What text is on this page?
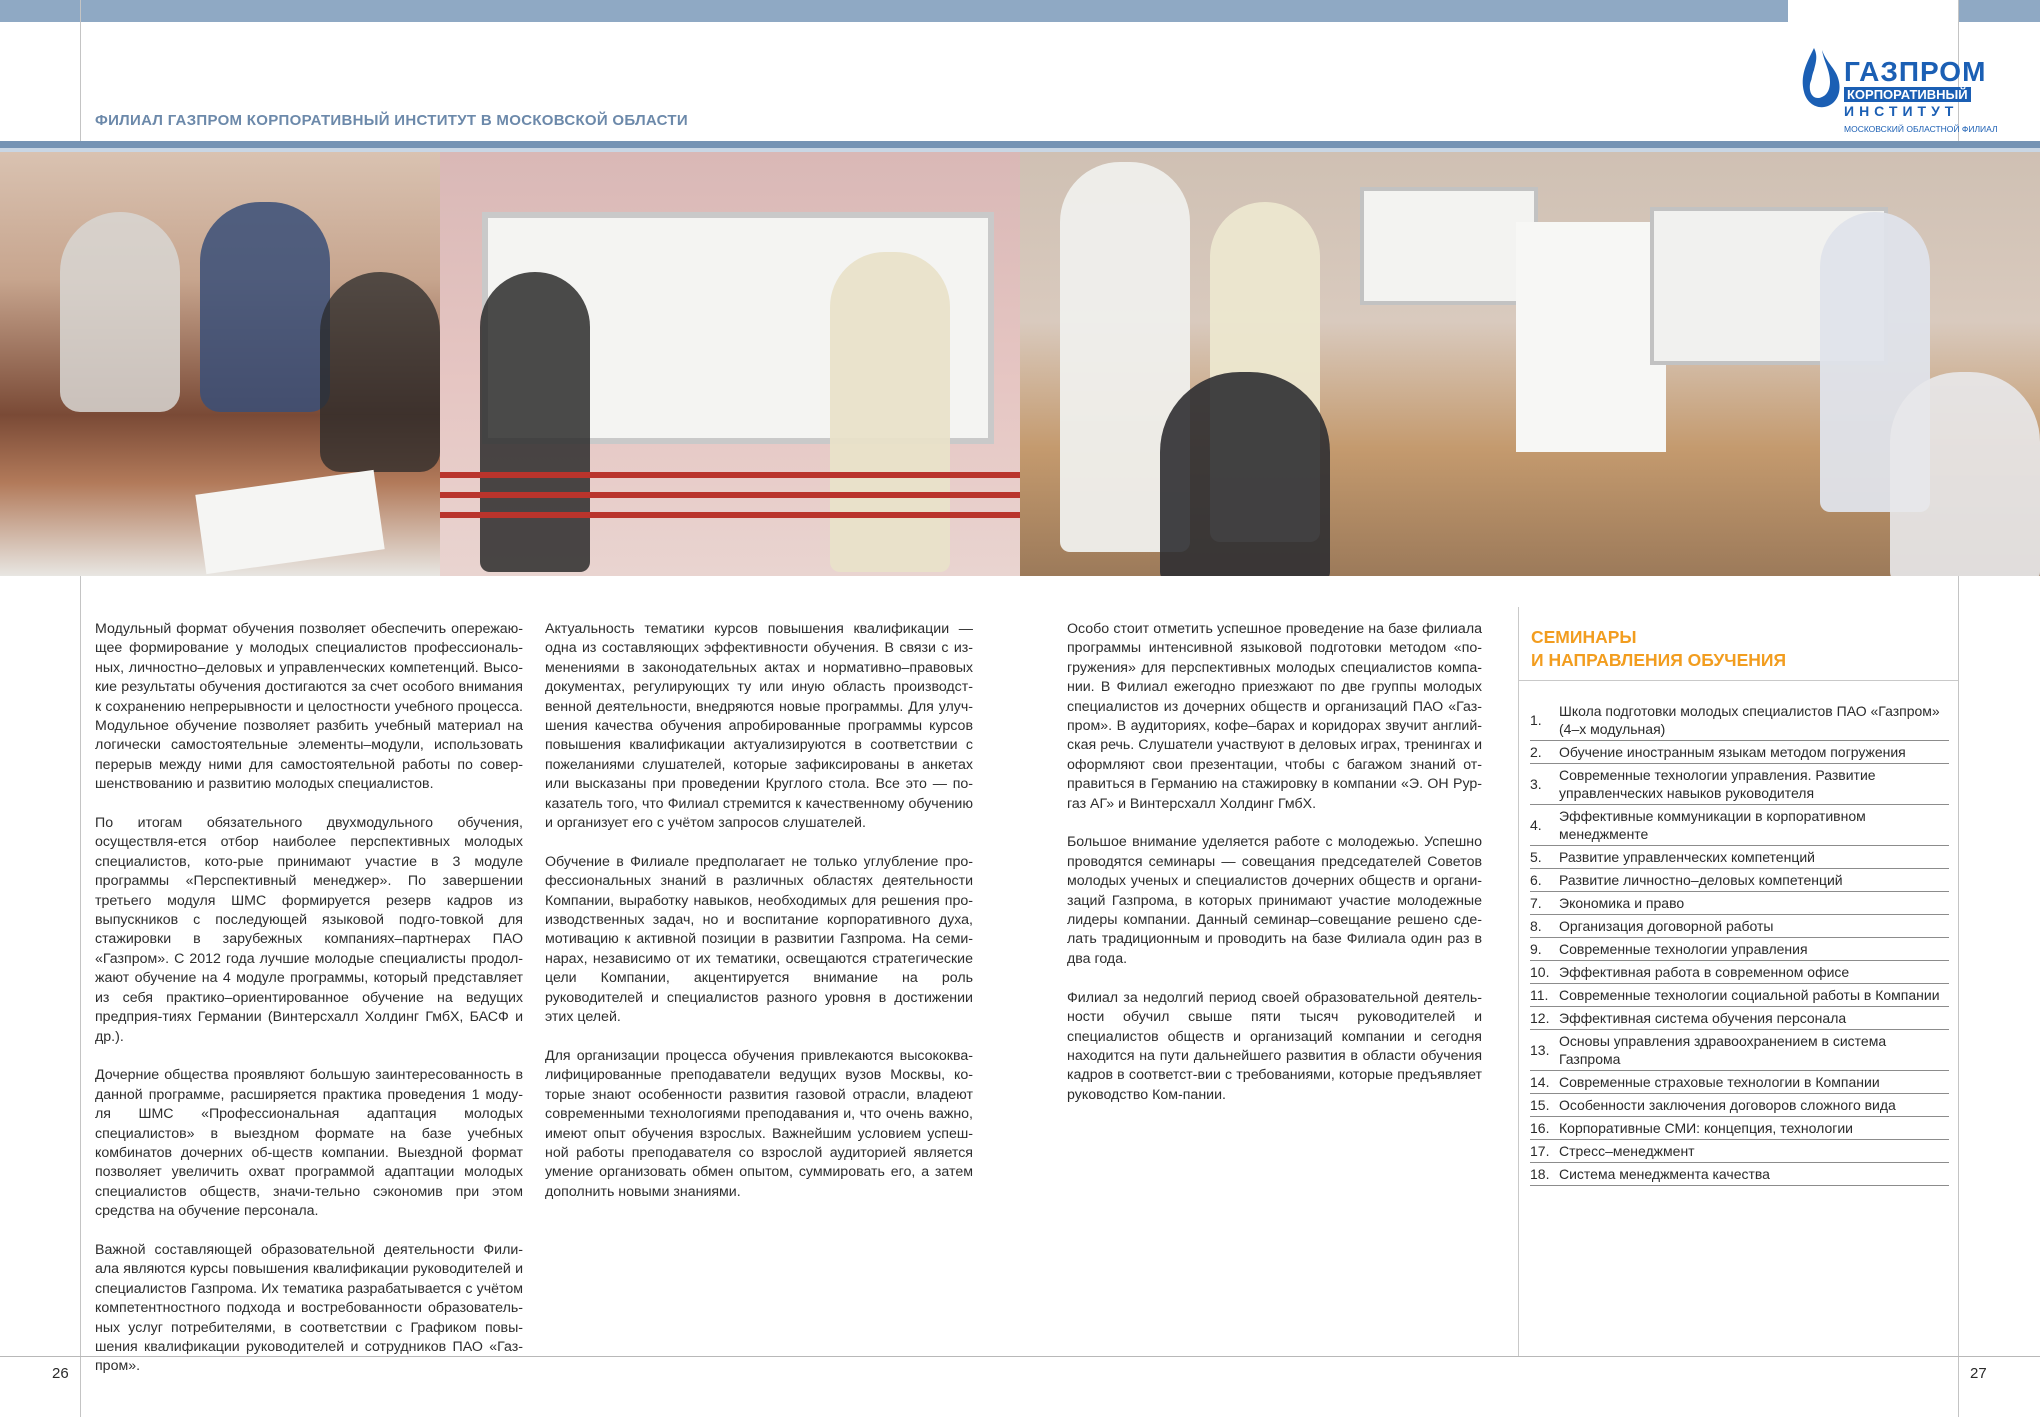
ФИЛИАЛ ГАЗПРОМ КОРПОРАТИВНЫЙ ИНСТИТУТ В МОСКОВСКОЙ ОБЛАСТИ
ГАЗПРОМ
КОРПОРАТИВНЫЙ
ИНСТИТУТ
МОСКОВСКИЙ ОБЛАСТНОЙ ФИЛИАЛ

Модульный формат обучения позволяет обеспечить опережаю-щее формирование у молодых специалистов профессиональ-ных, личностно–деловых и управленческих компетенций. Высо-кие результаты обучения достигаются за счет особого внимания к сохранению непрерывности и целостности учебного процесса. Модульное обучение позволяет разбить учебный материал на логически самостоятельные элементы–модули, использовать перерыв между ними для самостоятельной работы по совер-шенствованию и развитию молодых специалистов.

По итогам обязательного двухмодульного обучения, осуществля-ется отбор наиболее перспективных молодых специалистов, кото-рые принимают участие в 3 модуле программы «Перспективный менеджер». По завершении третьего модуля ШМС формируется резерв кадров из выпускников с последующей языковой подго-товкой для стажировки в зарубежных компаниях–партнерах ПАО «Газпром». С 2012 года лучшие молодые специалисты продол-жают обучение на 4 модуле программы, который представляет из себя практико–ориентированное обучение на ведущих предприя-тиях Германии (Винтерсхалл Холдинг ГмбХ, БАСФ и др.).

Дочерние общества проявляют большую заинтересованность в данной программе, расширяется практика проведения 1 моду-ля ШМС «Профессиональная адаптация молодых специалистов» в выездном формате на базе учебных комбинатов дочерних об-ществ компании. Выездной формат позволяет увеличить охват программой адаптации молодых специалистов обществ, значи-тельно сэкономив при этом средства на обучение персонала.

Важной составляющей образовательной деятельности Фили-ала являются курсы повышения квалификации руководителей и специалистов Газпрома. Их тематика разрабатывается с учётом компетентностного подхода и востребованности образователь-ных услуг потребителями, в соответствии с Графиком повы-шения квалификации руководителей и сотрудников ПАО «Газ-пром».

Актуальность тематики курсов повышения квалификации — одна из составляющих эффективности обучения. В связи с из-менениями в законодательных актах и нормативно–правовых документах, регулирующих ту или иную область производст-венной деятельности, внедряются новые программы. Для улуч-шения качества обучения апробированные программы курсов повышения квалификации актуализируются в соответствии с пожеланиями слушателей, которые зафиксированы в анкетах или высказаны при проведении Круглого стола. Все это — по-казатель того, что Филиал стремится к качественному обучению и организует его с учётом запросов слушателей.

Обучение в Филиале предполагает не только углубление про-фессиональных знаний в различных областях деятельности Компании, выработку навыков, необходимых для решения про-изводственных задач, но и воспитание корпоративного духа, мотивацию к активной позиции в развитии Газпрома. На семи-нарах, независимо от их тематики, освещаются стратегические цели Компании, акцентируется внимание на роль руководителей и специалистов разного уровня в достижении этих целей.

Для организации процесса обучения привлекаются высококва-лифицированные преподаватели ведущих вузов Москвы, ко-торые знают особенности развития газовой отрасли, владеют современными технологиями преподавания и, что очень важно, имеют опыт обучения взрослых. Важнейшим условием успеш-ной работы преподавателя со взрослой аудиторией является умение организовать обмен опытом, суммировать его, а затем дополнить новыми знаниями.

Особо стоит отметить успешное проведение на базе филиала программы интенсивной языковой подготовки методом «по-гружения» для перспективных молодых специалистов компа-нии. В Филиал ежегодно приезжают по две группы молодых специалистов из дочерних обществ и организаций ПАО «Газ-пром». В аудиториях, кофе–барах и коридорах звучит англий-ская речь. Слушатели участвуют в деловых играх, тренингах и оформляют свои презентации, чтобы с багажом знаний от-правиться в Германию на стажировку в компании «Э. ОН Рур-газ АГ» и Винтерсхалл Холдинг ГмбХ.

Большое внимание уделяется работе с молодежью. Успешно проводятся семинары — совещания председателей Советов молодых ученых и специалистов дочерних обществ и органи-заций Газпрома, в которых принимают участие молодежные лидеры компании. Данный семинар–совещание решено сде-лать традиционным и проводить на базе Филиала один раз в два года.

Филиал за недолгий период своей образовательной деятель-ности обучил свыше пяти тысяч руководителей и специалистов обществ и организаций компании и сегодня находится на пути дальнейшего развития в области обучения кадров в соответст-вии с требованиями, которые предъявляет руководство Ком-пании.

СЕМИНАРЫ
И НАПРАВЛЕНИЯ ОБУЧЕНИЯ
1.
Школа подготовки молодых специалистов ПАО «Газпром» (4–х модульная)
2.	Обучение иностранным языкам методом погружения
3.
Современные технологии управления. Развитие управленческих навыков руководителя
4.
Эффективные коммуникации в корпоративном менеджменте
5.	Развитие управленческих компетенций
6.	Развитие личностно–деловых компетенций
7.	Экономика и право
8.	Организация договорной работы
9.	Современные технологии управления
10. Эффективная работа в современном офисе
11. Современные технологии социальной работы в Компании
12. Эффективная система обучения персонала
13.
Основы управления здравоохранением в система Газпрома
14. Современные страховые технологии в Компании
15. Особенности заключения договоров сложного вида
16. Корпоративные СМИ: концепция, технологии
17. Стресс–менеджмент
18. Система менеджмента качества
26	27
